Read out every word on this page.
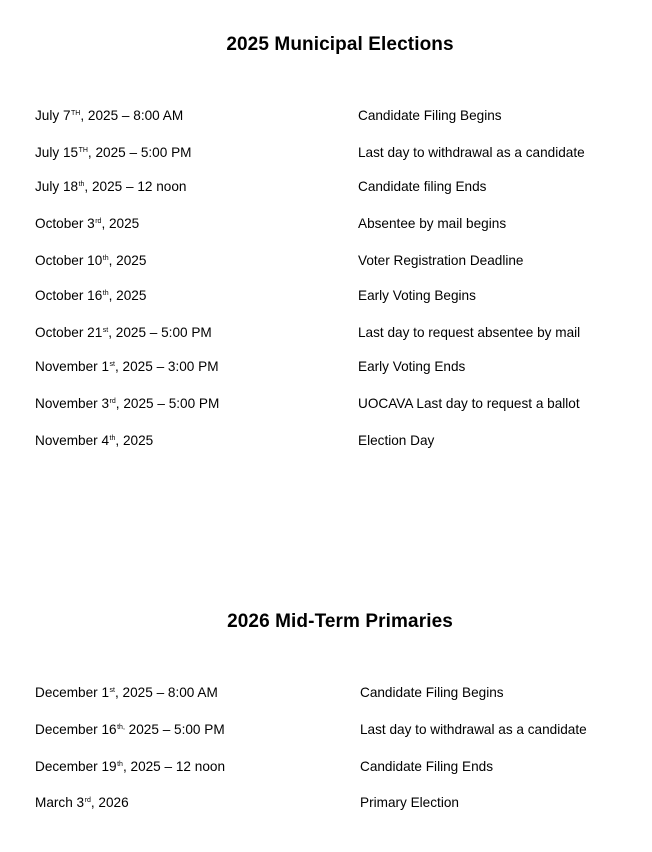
2025 Municipal Elections
July 7TH, 2025 – 8:00 AM	Candidate Filing Begins
July 15TH, 2025 – 5:00 PM	Last day to withdrawal as a candidate
July 18th, 2025 – 12 noon	Candidate filing Ends
October 3rd, 2025	Absentee by mail begins
October 10th, 2025	Voter Registration Deadline
October 16th, 2025	Early Voting Begins
October 21st, 2025 – 5:00 PM	Last day to request absentee by mail
November 1st, 2025 – 3:00 PM	Early Voting Ends
November 3rd, 2025 – 5:00 PM	UOCAVA Last day to request a ballot
November 4th, 2025	Election Day
2026 Mid-Term Primaries
December 1st, 2025 – 8:00 AM	Candidate Filing Begins
December $16^{th,}$ 2025 – 5:00 PM	Last day to withdrawal as a candidate
December 19th, 2025 – 12 noon	Candidate Filing Ends
March 3rd, 2026	Primary Election
